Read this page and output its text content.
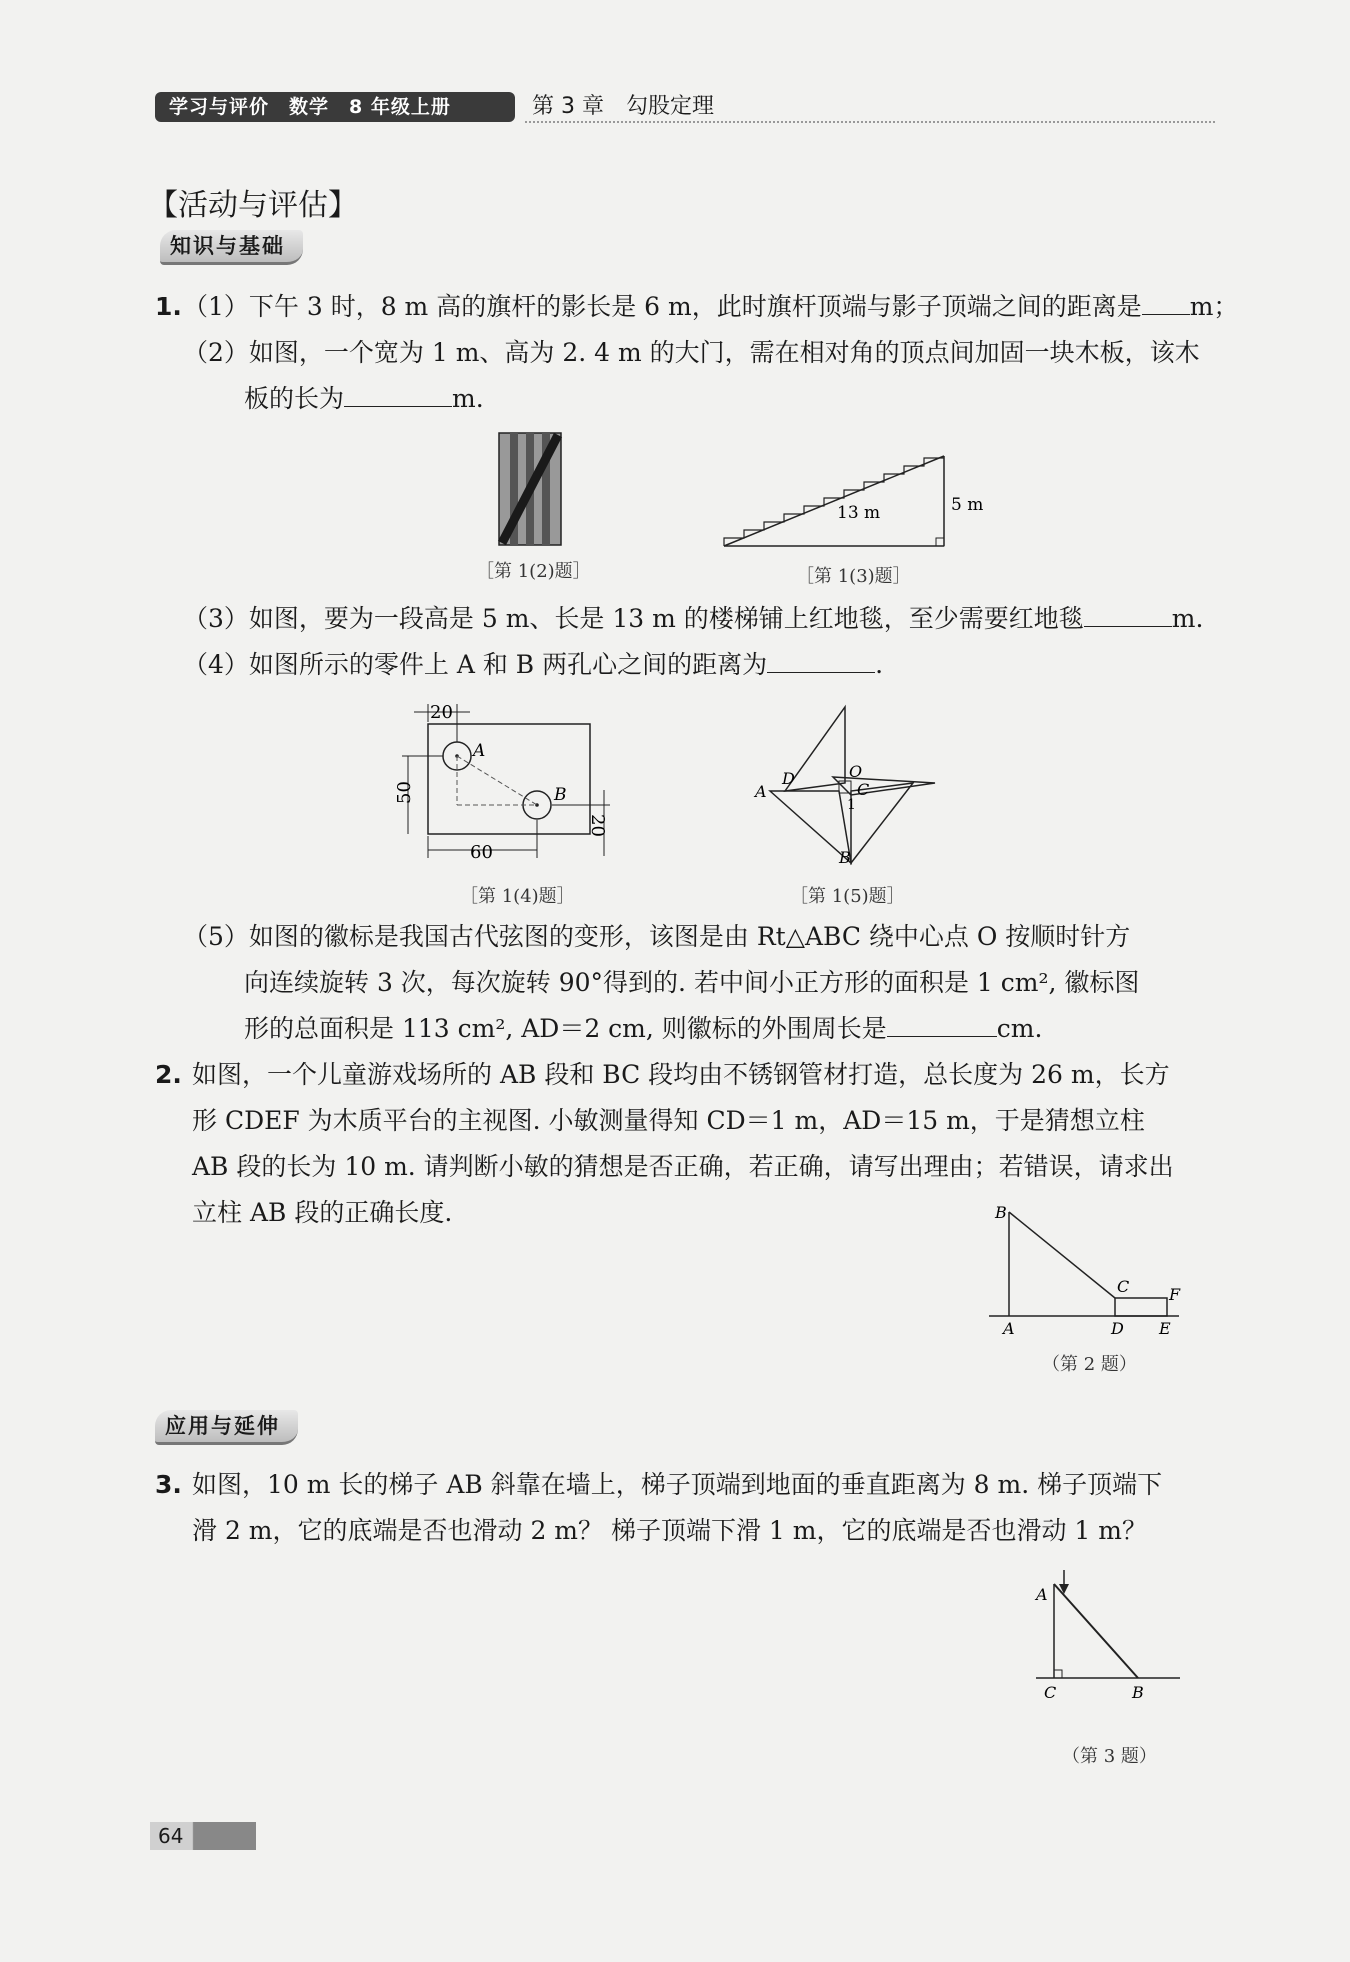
学习与评价　数学　8 年级上册	第 3 章　勾股定理
【活动与评估】
知识与基础
1. （1）下午 3 时，8 m 高的旗杆的影长是 6 m，此时旗杆顶端与影子顶端之间的距离是 m；
（2）如图，一个宽为 1 m、高为 2. 4 m 的大门，需在相对角的顶点间加固一块木板，该木
板的长为	m.
［第 1(2)题］
13 m	5 m
［第 1(3)题］
（3）如图，要为一段高是 5 m、长是 13 m 的楼梯铺上红地毯，至少需要红地毯	m.
（4）如图所示的零件上 A 和 B 两孔心之间的距离为	.
20
50
60
20
A
B
［第 1(4)题］
A
D	O
C
1
B
［第 1(5)题］
（5）如图的徽标是我国古代弦图的变形，该图是由 Rt△ABC 绕中心点 O 按顺时针方
向连续旋转 3 次，每次旋转 90°得到的. 若中间小正方形的面积是 1 cm², 徽标图
形的总面积是 113 cm², AD＝2 cm, 则徽标的外围周长是	cm.
2. 如图，一个儿童游戏场所的 AB 段和 BC 段均由不锈钢管材打造，总长度为 26 m，长方
形 CDEF 为木质平台的主视图. 小敏测量得知 CD＝1 m，AD＝15 m，于是猜想立柱
AB 段的长为 10 m. 请判断小敏的猜想是否正确，若正确，请写出理由；若错误，请求出
立柱 AB 段的正确长度.
A
B
C
D E
F
（第 2 题）
应用与延伸
3. 如图，10 m 长的梯子 AB 斜靠在墙上，梯子顶端到地面的垂直距离为 8 m. 梯子顶端下
滑 2 m，它的底端是否也滑动 2 m？ 梯子顶端下滑 1 m，它的底端是否也滑动 1 m？
A
C	B
（第 3 题）
64
